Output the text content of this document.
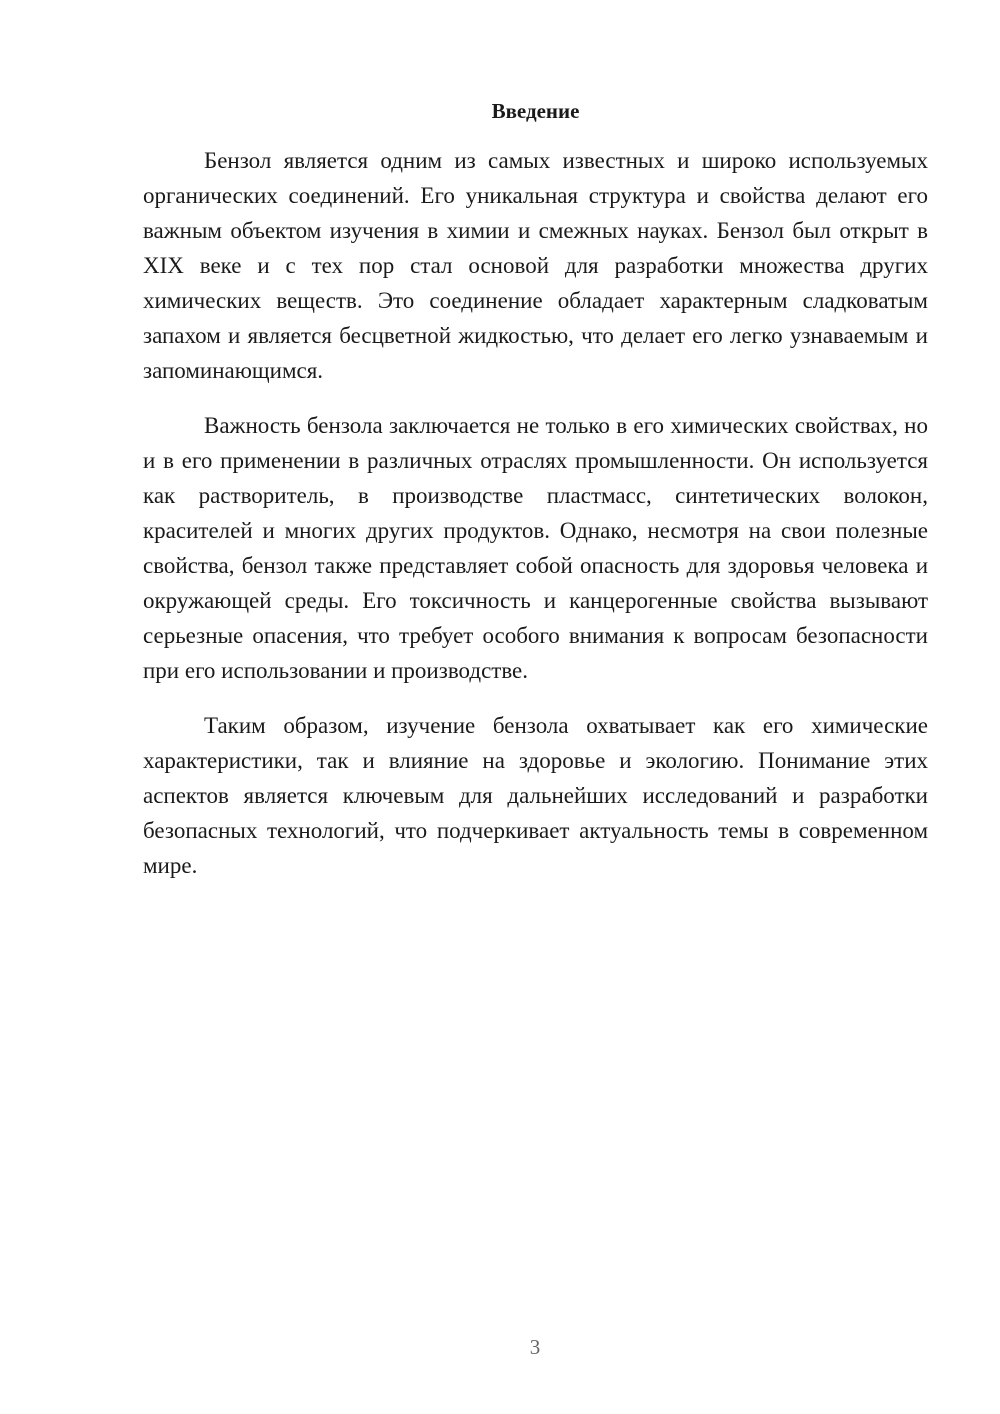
Введение

Бензол является одним из самых известных и широко используемых органических соединений. Его уникальная структура и свойства делают его важным объектом изучения в химии и смежных науках. Бензол был открыт в XIX веке и с тех пор стал основой для разработки множества других химических веществ. Это соединение обладает характерным сладковатым запахом и является бесцветной жидкостью, что делает его легко узнаваемым и запоминающимся.

Важность бензола заключается не только в его химических свойствах, но и в его применении в различных отраслях промышленности. Он используется как растворитель, в производстве пластмасс, синтетических волокон, красителей и многих других продуктов. Однако, несмотря на свои полезные свойства, бензол также представляет собой опасность для здоровья человека и окружающей среды. Его токсичность и канцерогенные свойства вызывают серьезные опасения, что требует особого внимания к вопросам безопасности при его использовании и производстве.

Таким образом, изучение бензола охватывает как его химические характеристики, так и влияние на здоровье и экологию. Понимание этих аспектов является ключевым для дальнейших исследований и разработки безопасных технологий, что подчеркивает актуальность темы в современном мире.

3
